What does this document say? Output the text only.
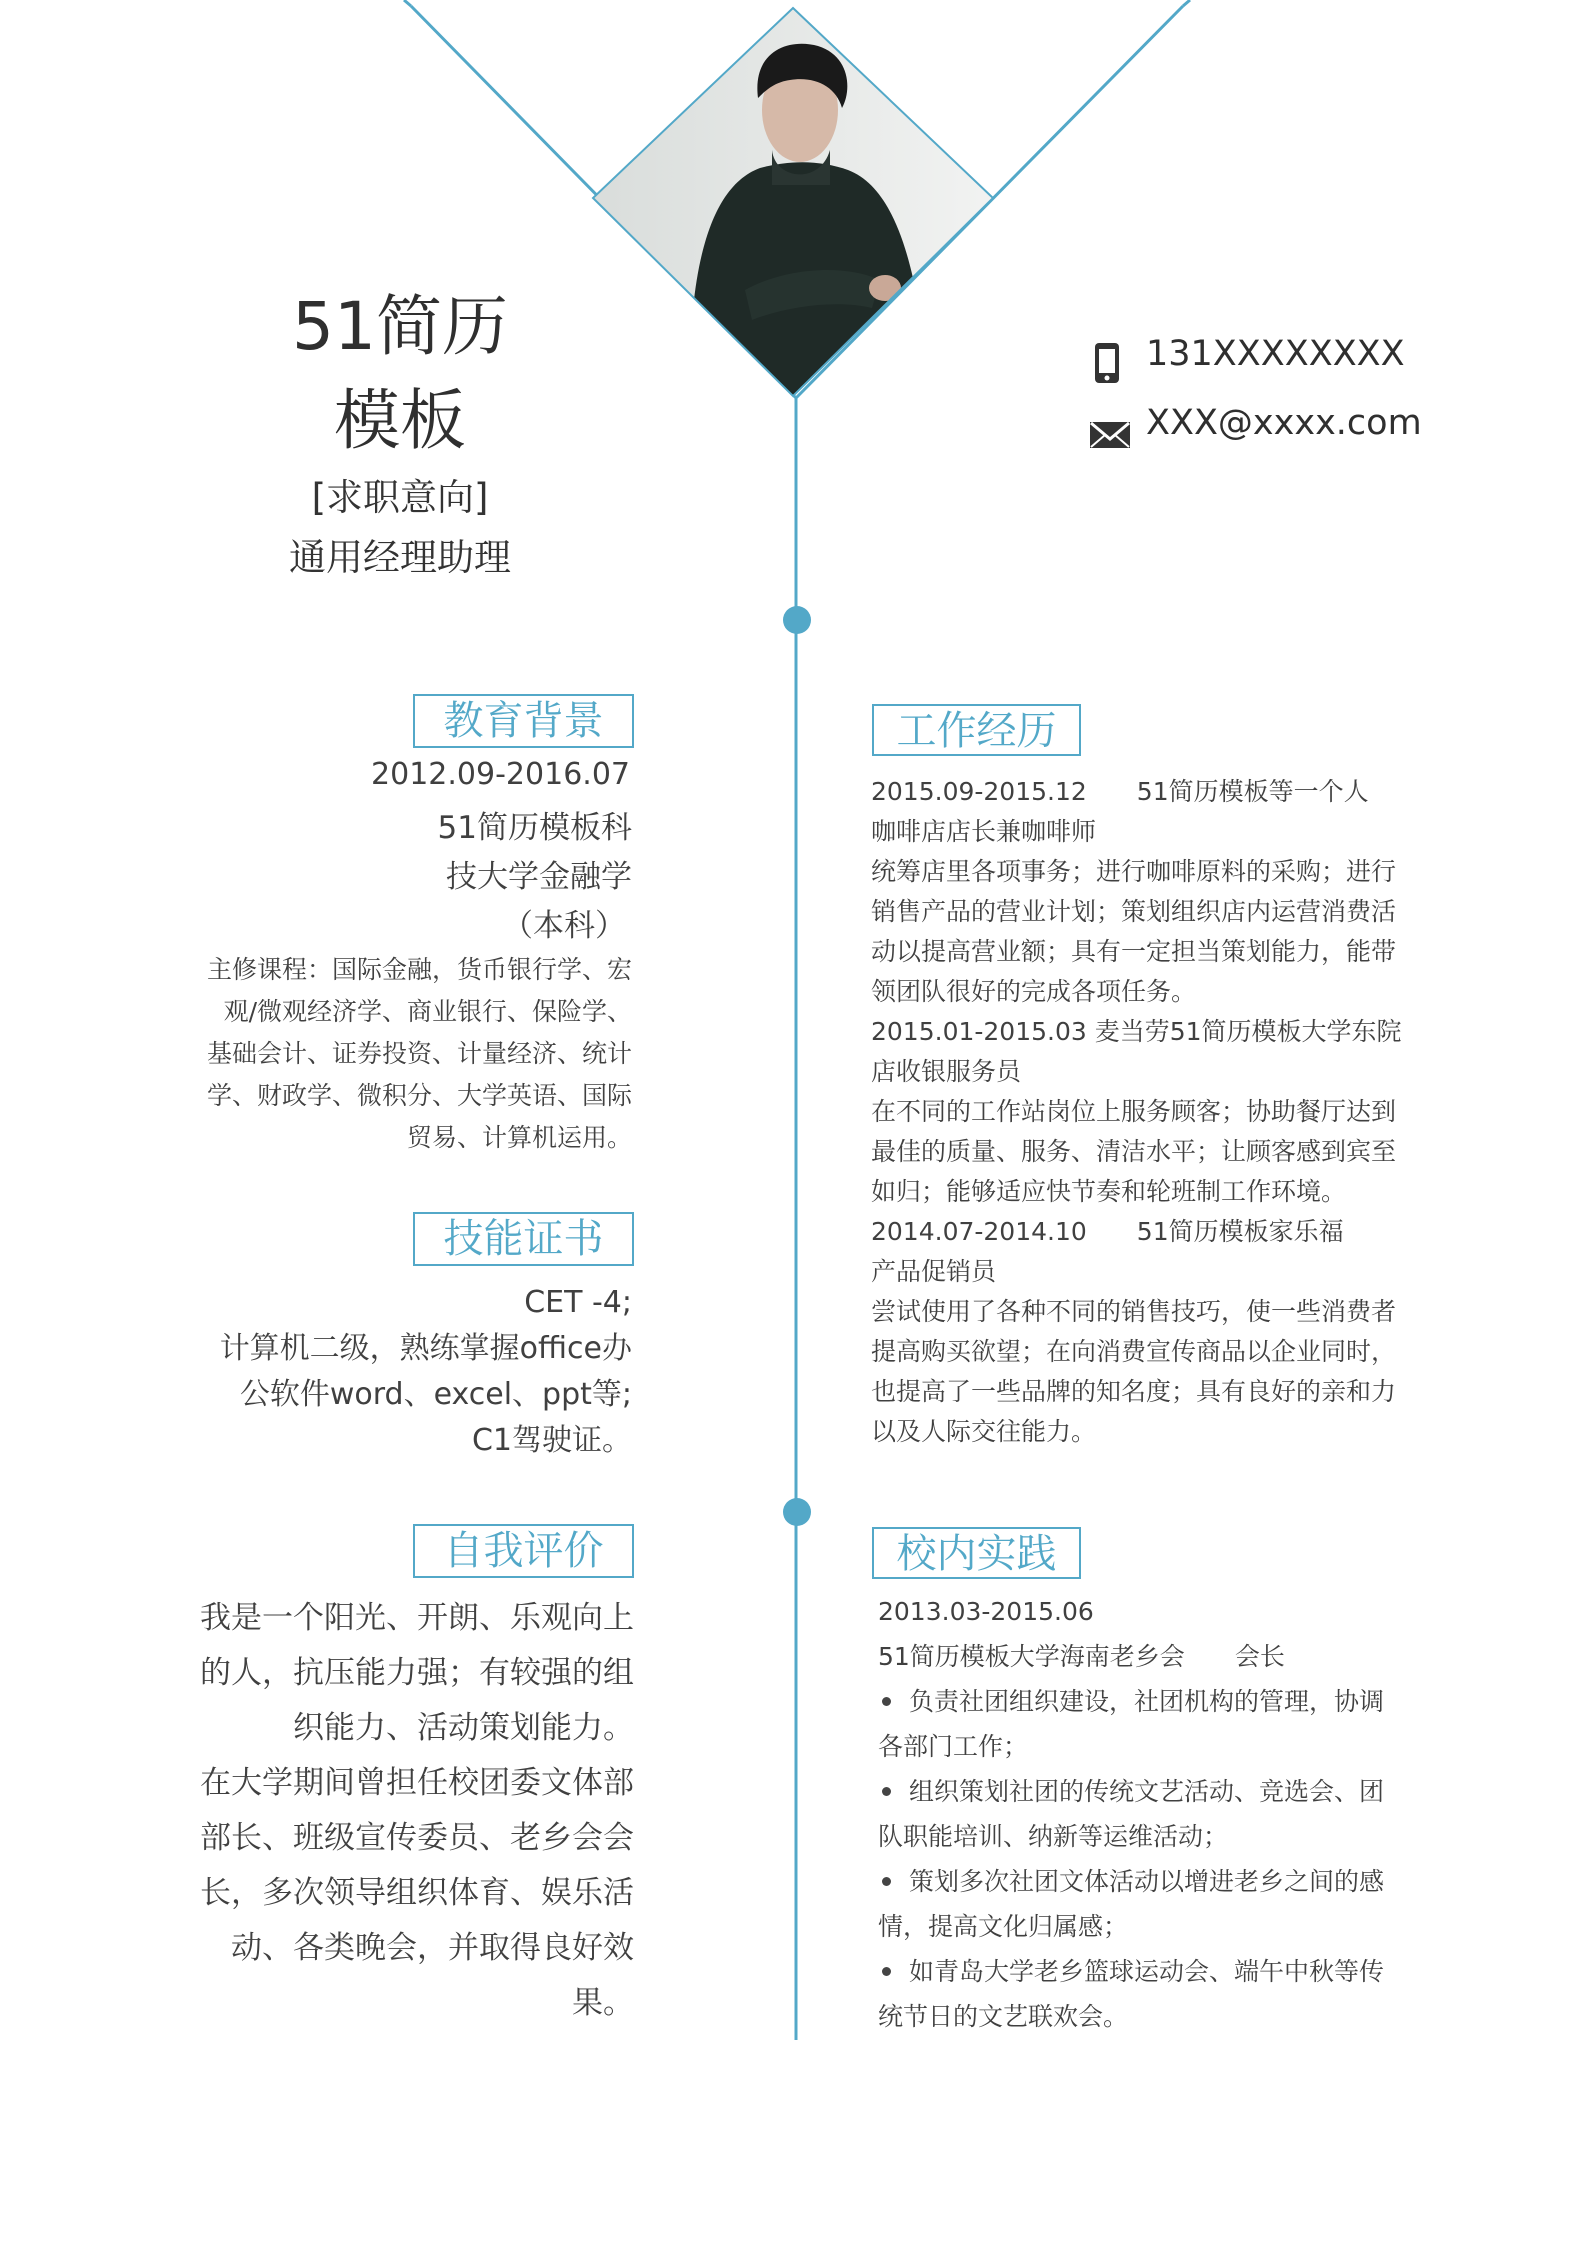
51简历
模板
[求职意向]
通用经理助理
131XXXXXXXX
XXX@xxxx.com
教育背景
2012.09-2016.07
51简历模板科
技大学金融学
（本科）
主修课程：国际金融，货币银行学、宏
观/微观经济学、商业银行、保险学、
基础会计、证券投资、计量经济、统计
学、财政学、微积分、大学英语、国际
贸易、计算机运用。
技能证书
CET -4;
计算机二级，熟练掌握office办
公软件word、excel、ppt等;
C1驾驶证。
自我评价
我是一个阳光、开朗、乐观向上
的人，抗压能力强；有较强的组
织能力、活动策划能力。
在大学期间曾担任校团委文体部
部长、班级宣传委员、老乡会会
长，多次领导组织体育、娱乐活
动、各类晚会，并取得良好效
果。
工作经历
2015.09-2015.12　　51简历模板等一个人
咖啡店店长兼咖啡师
统筹店里各项事务；进行咖啡原料的采购；进行
销售产品的营业计划；策划组织店内运营消费活
动以提高营业额；具有一定担当策划能力，能带
领团队很好的完成各项任务。
2015.01-2015.03 麦当劳51简历模板大学东院
店收银服务员
在不同的工作站岗位上服务顾客；协助餐厅达到
最佳的质量、服务、清洁水平；让顾客感到宾至
如归；能够适应快节奏和轮班制工作环境。
2014.07-2014.10　　51简历模板家乐福
产品促销员
尝试使用了各种不同的销售技巧，使一些消费者
提高购买欲望；在向消费宣传商品以企业同时，
也提高了一些品牌的知名度；具有良好的亲和力
以及人际交往能力。
校内实践
2013.03-2015.06
51简历模板大学海南老乡会　　会长
负责社团组织建设，社团机构的管理，协调
各部门工作；
组织策划社团的传统文艺活动、竞选会、团
队职能培训、纳新等运维活动；
策划多次社团文体活动以增进老乡之间的感
情，提高文化归属感；
如青岛大学老乡篮球运动会、端午中秋等传
统节日的文艺联欢会。
